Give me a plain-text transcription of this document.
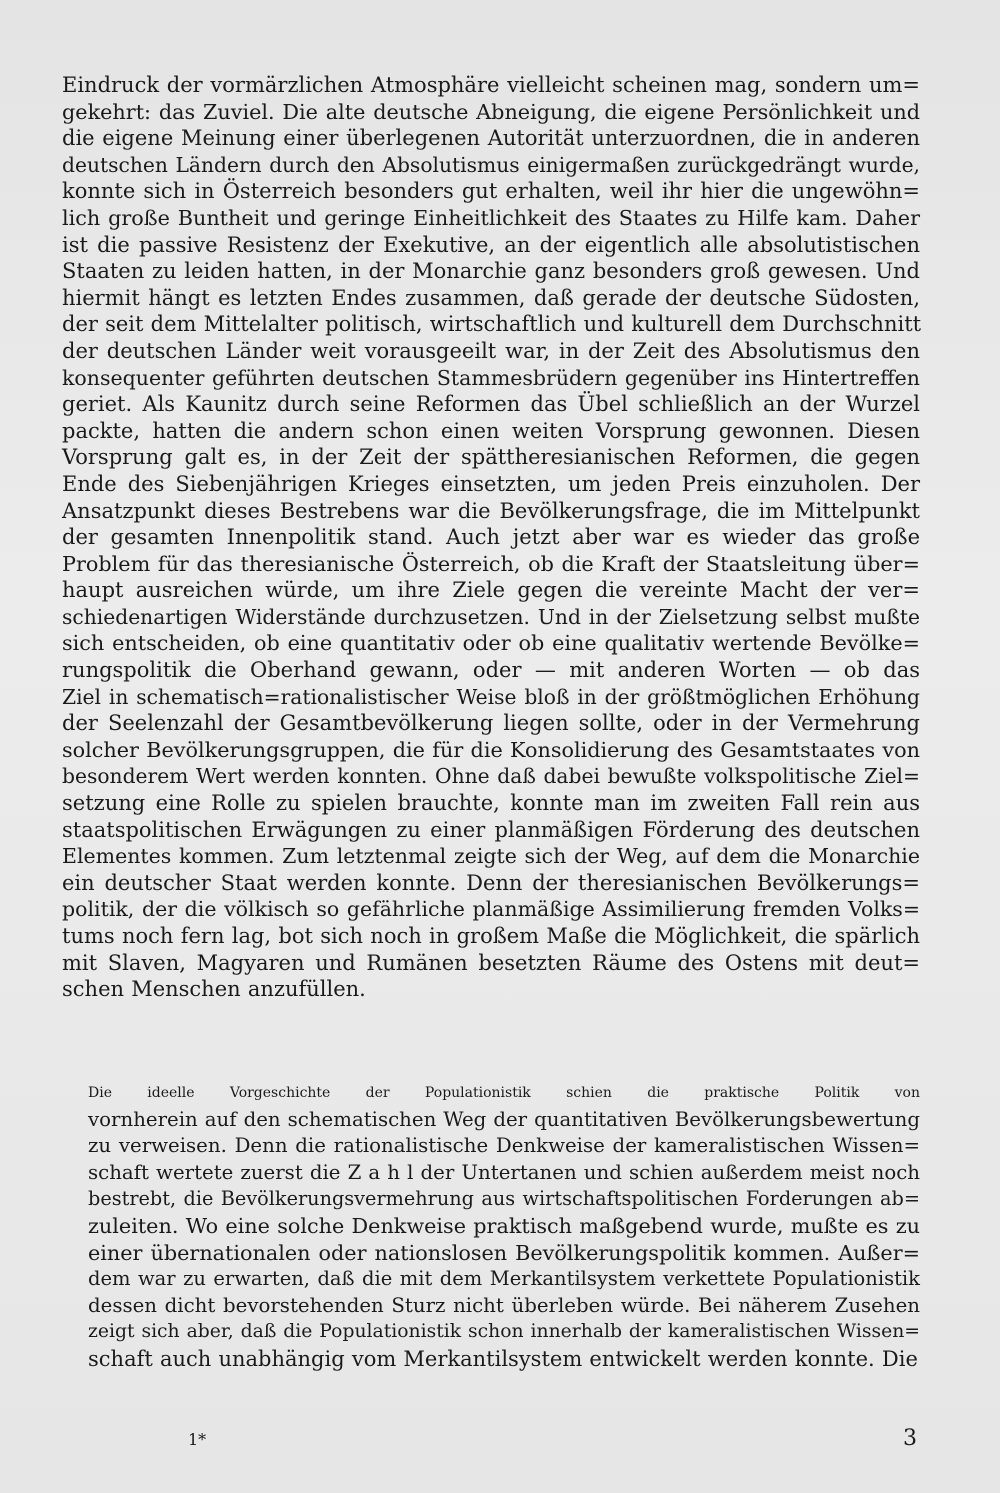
Eindruck der vormärzlichen Atmosphäre vielleicht scheinen mag, sondern um=
gekehrt: das Zuviel. Die alte deutsche Abneigung, die eigene Persönlichkeit und
die eigene Meinung einer überlegenen Autorität unterzuordnen, die in anderen
deutschen Ländern durch den Absolutismus einigermaßen zurückgedrängt wurde,
konnte sich in Österreich besonders gut erhalten, weil ihr hier die ungewöhn=
lich große Buntheit und geringe Einheitlichkeit des Staates zu Hilfe kam. Daher
ist die passive Resistenz der Exekutive, an der eigentlich alle absolutistischen
Staaten zu leiden hatten, in der Monarchie ganz besonders groß gewesen. Und
hiermit hängt es letzten Endes zusammen, daß gerade der deutsche Südosten,
der seit dem Mittelalter politisch, wirtschaftlich und kulturell dem Durchschnitt
der deutschen Länder weit vorausgeeilt war, in der Zeit des Absolutismus den
konsequenter geführten deutschen Stammesbrüdern gegenüber ins Hintertreffen
geriet. Als Kaunitz durch seine Reformen das Übel schließlich an der Wurzel
packte, hatten die andern schon einen weiten Vorsprung gewonnen. Diesen
Vorsprung galt es, in der Zeit der spättheresianischen Reformen, die gegen
Ende des Siebenjährigen Krieges einsetzten, um jeden Preis einzuholen. Der
Ansatzpunkt dieses Bestrebens war die Bevölkerungsfrage, die im Mittelpunkt
der gesamten Innenpolitik stand. Auch jetzt aber war es wieder das große
Problem für das theresianische Österreich, ob die Kraft der Staatsleitung über=
haupt ausreichen würde, um ihre Ziele gegen die vereinte Macht der ver=
schiedenartigen Widerstände durchzusetzen. Und in der Zielsetzung selbst mußte
sich entscheiden, ob eine quantitativ oder ob eine qualitativ wertende Bevölke=
rungspolitik die Oberhand gewann, oder — mit anderen Worten — ob das
Ziel in schematisch=rationalistischer Weise bloß in der größtmöglichen Erhöhung
der Seelenzahl der Gesamtbevölkerung liegen sollte, oder in der Vermehrung
solcher Bevölkerungsgruppen, die für die Konsolidierung des Gesamtstaates von
besonderem Wert werden konnten. Ohne daß dabei bewußte volkspolitische Ziel=
setzung eine Rolle zu spielen brauchte, konnte man im zweiten Fall rein aus
staatspolitischen Erwägungen zu einer planmäßigen Förderung des deutschen
Elementes kommen. Zum letztenmal zeigte sich der Weg, auf dem die Monarchie
ein deutscher Staat werden konnte. Denn der theresianischen Bevölkerungs=
politik, der die völkisch so gefährliche planmäßige Assimilierung fremden Volks=
tums noch fern lag, bot sich noch in großem Maße die Möglichkeit, die spärlich
mit Slaven, Magyaren und Rumänen besetzten Räume des Ostens mit deut=
schen Menschen anzufüllen.
Die ideelle Vorgeschichte der Populationistik schien die praktische Politik von
vornherein auf den schematischen Weg der quantitativen Bevölkerungsbewertung
zu verweisen. Denn die rationalistische Denkweise der kameralistischen Wissen=
schaft wertete zuerst die Z a h l der Untertanen und schien außerdem meist noch
bestrebt, die Bevölkerungsvermehrung aus wirtschaftspolitischen Forderungen ab=
zuleiten. Wo eine solche Denkweise praktisch maßgebend wurde, mußte es zu
einer übernationalen oder nationslosen Bevölkerungspolitik kommen. Außer=
dem war zu erwarten, daß die mit dem Merkantilsystem verkettete Populationistik
dessen dicht bevorstehenden Sturz nicht überleben würde. Bei näherem Zusehen
zeigt sich aber, daß die Populationistik schon innerhalb der kameralistischen Wissen=
schaft auch unabhängig vom Merkantilsystem entwickelt werden konnte. Die
1*	3
